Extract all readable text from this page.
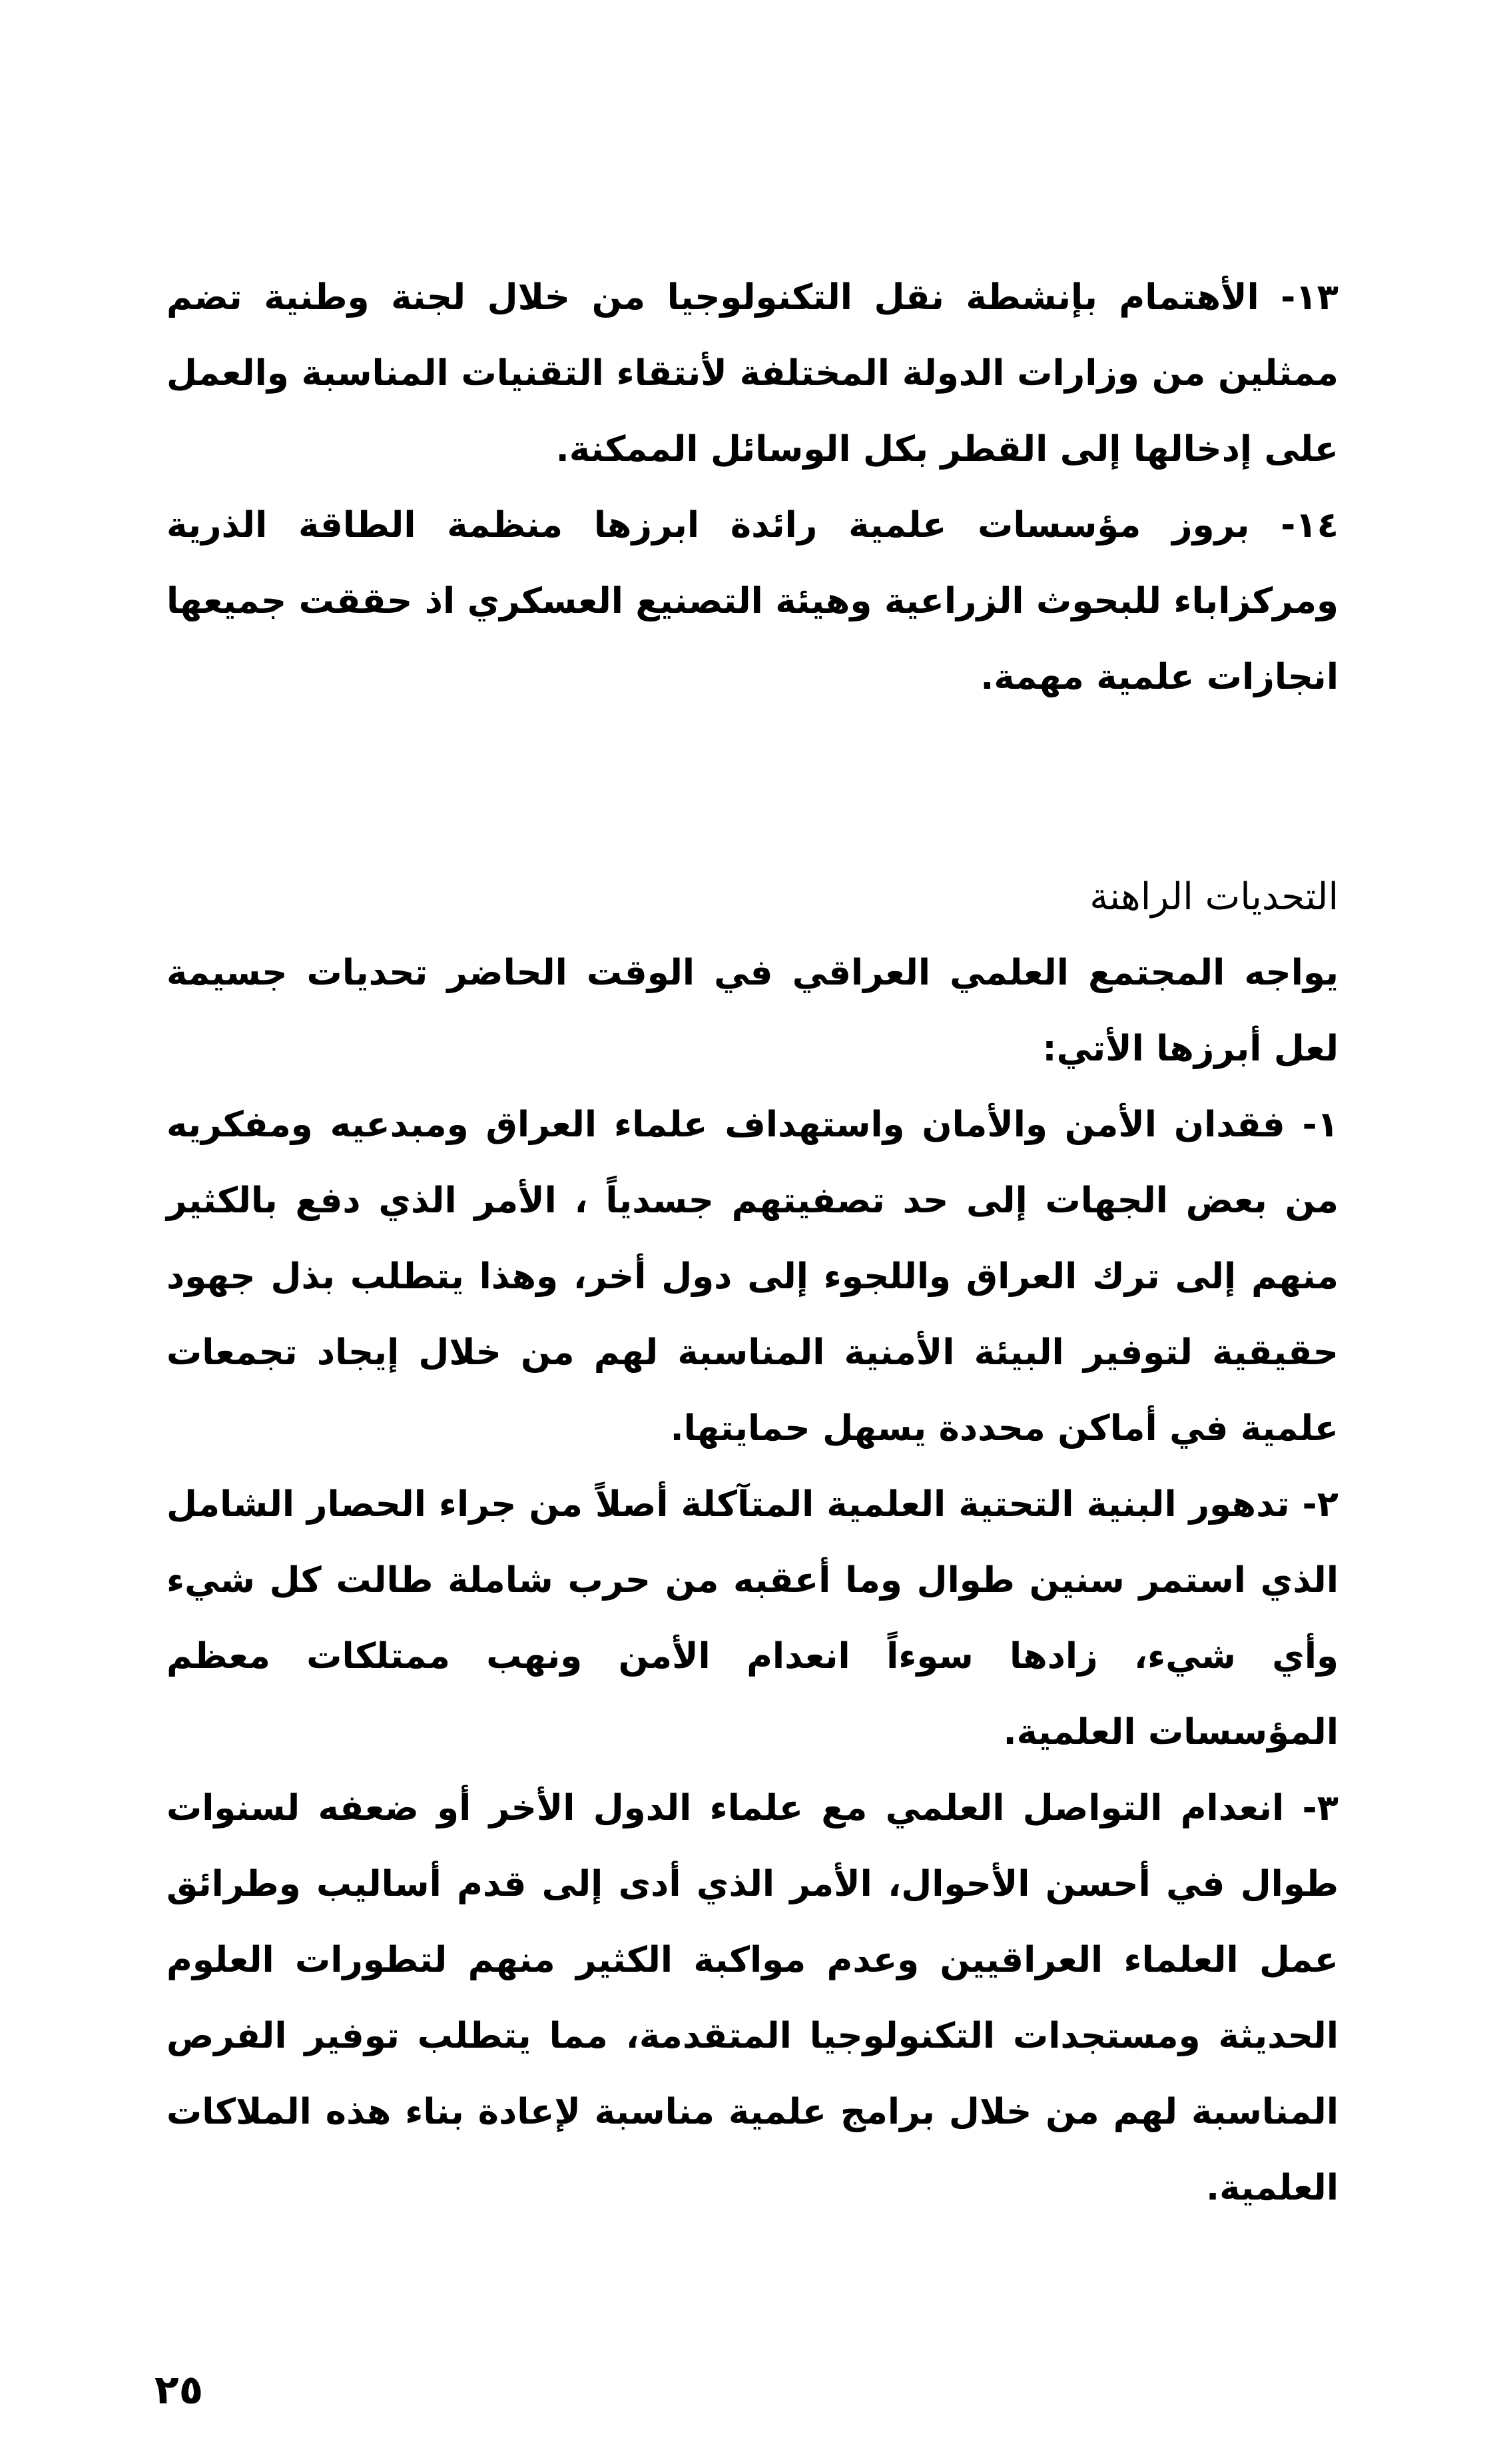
١٣- الأهتمام بإنشطة نقل التكنولوجيا من خلال لجنة وطنية تضم ممثلين من وزارات الدولة المختلفة لأنتقاء التقنيات المناسبة والعمل على إدخالها إلى القطر بكل الوسائل الممكنة.

١٤- بروز مؤسسات علمية رائدة ابرزها منظمة الطاقة الذرية ومركزاباء للبحوث الزراعية وهيئة التصنيع العسكري اذ حققت جميعها انجازات علمية مهمة.

التحديات الراهنة

يواجه المجتمع العلمي العراقي في الوقت الحاضر تحديات جسيمة لعل أبرزها الأتي:

١- فقدان الأمن والأمان واستهداف علماء العراق ومبدعيه ومفكريه من بعض الجهات إلى حد تصفيتهم جسدياً ، الأمر الذي دفع بالكثير منهم إلى ترك العراق واللجوء إلى دول أخر، وهذا يتطلب بذل جهود حقيقية لتوفير البيئة الأمنية المناسبة لهم من خلال إيجاد تجمعات علمية في أماكن محددة يسهل حمايتها.

٢- تدهور البنية التحتية العلمية المتآكلة أصلاً من جراء الحصار الشامل الذي استمر سنين طوال وما أعقبه من حرب شاملة طالت كل شيء وأي شيء، زادها سوءاً انعدام الأمن ونهب ممتلكات معظم المؤسسات العلمية.

٣- انعدام التواصل العلمي مع علماء الدول الأخر أو ضعفه لسنوات طوال في أحسن الأحوال، الأمر الذي أدى إلى قدم أساليب وطرائق عمل العلماء العراقيين وعدم مواكبة الكثير منهم لتطورات العلوم الحديثة ومستجدات التكنولوجيا المتقدمة، مما يتطلب توفير الفرص المناسبة لهم من خلال برامج علمية مناسبة لإعادة بناء هذه الملاكات العلمية.

٢٥
